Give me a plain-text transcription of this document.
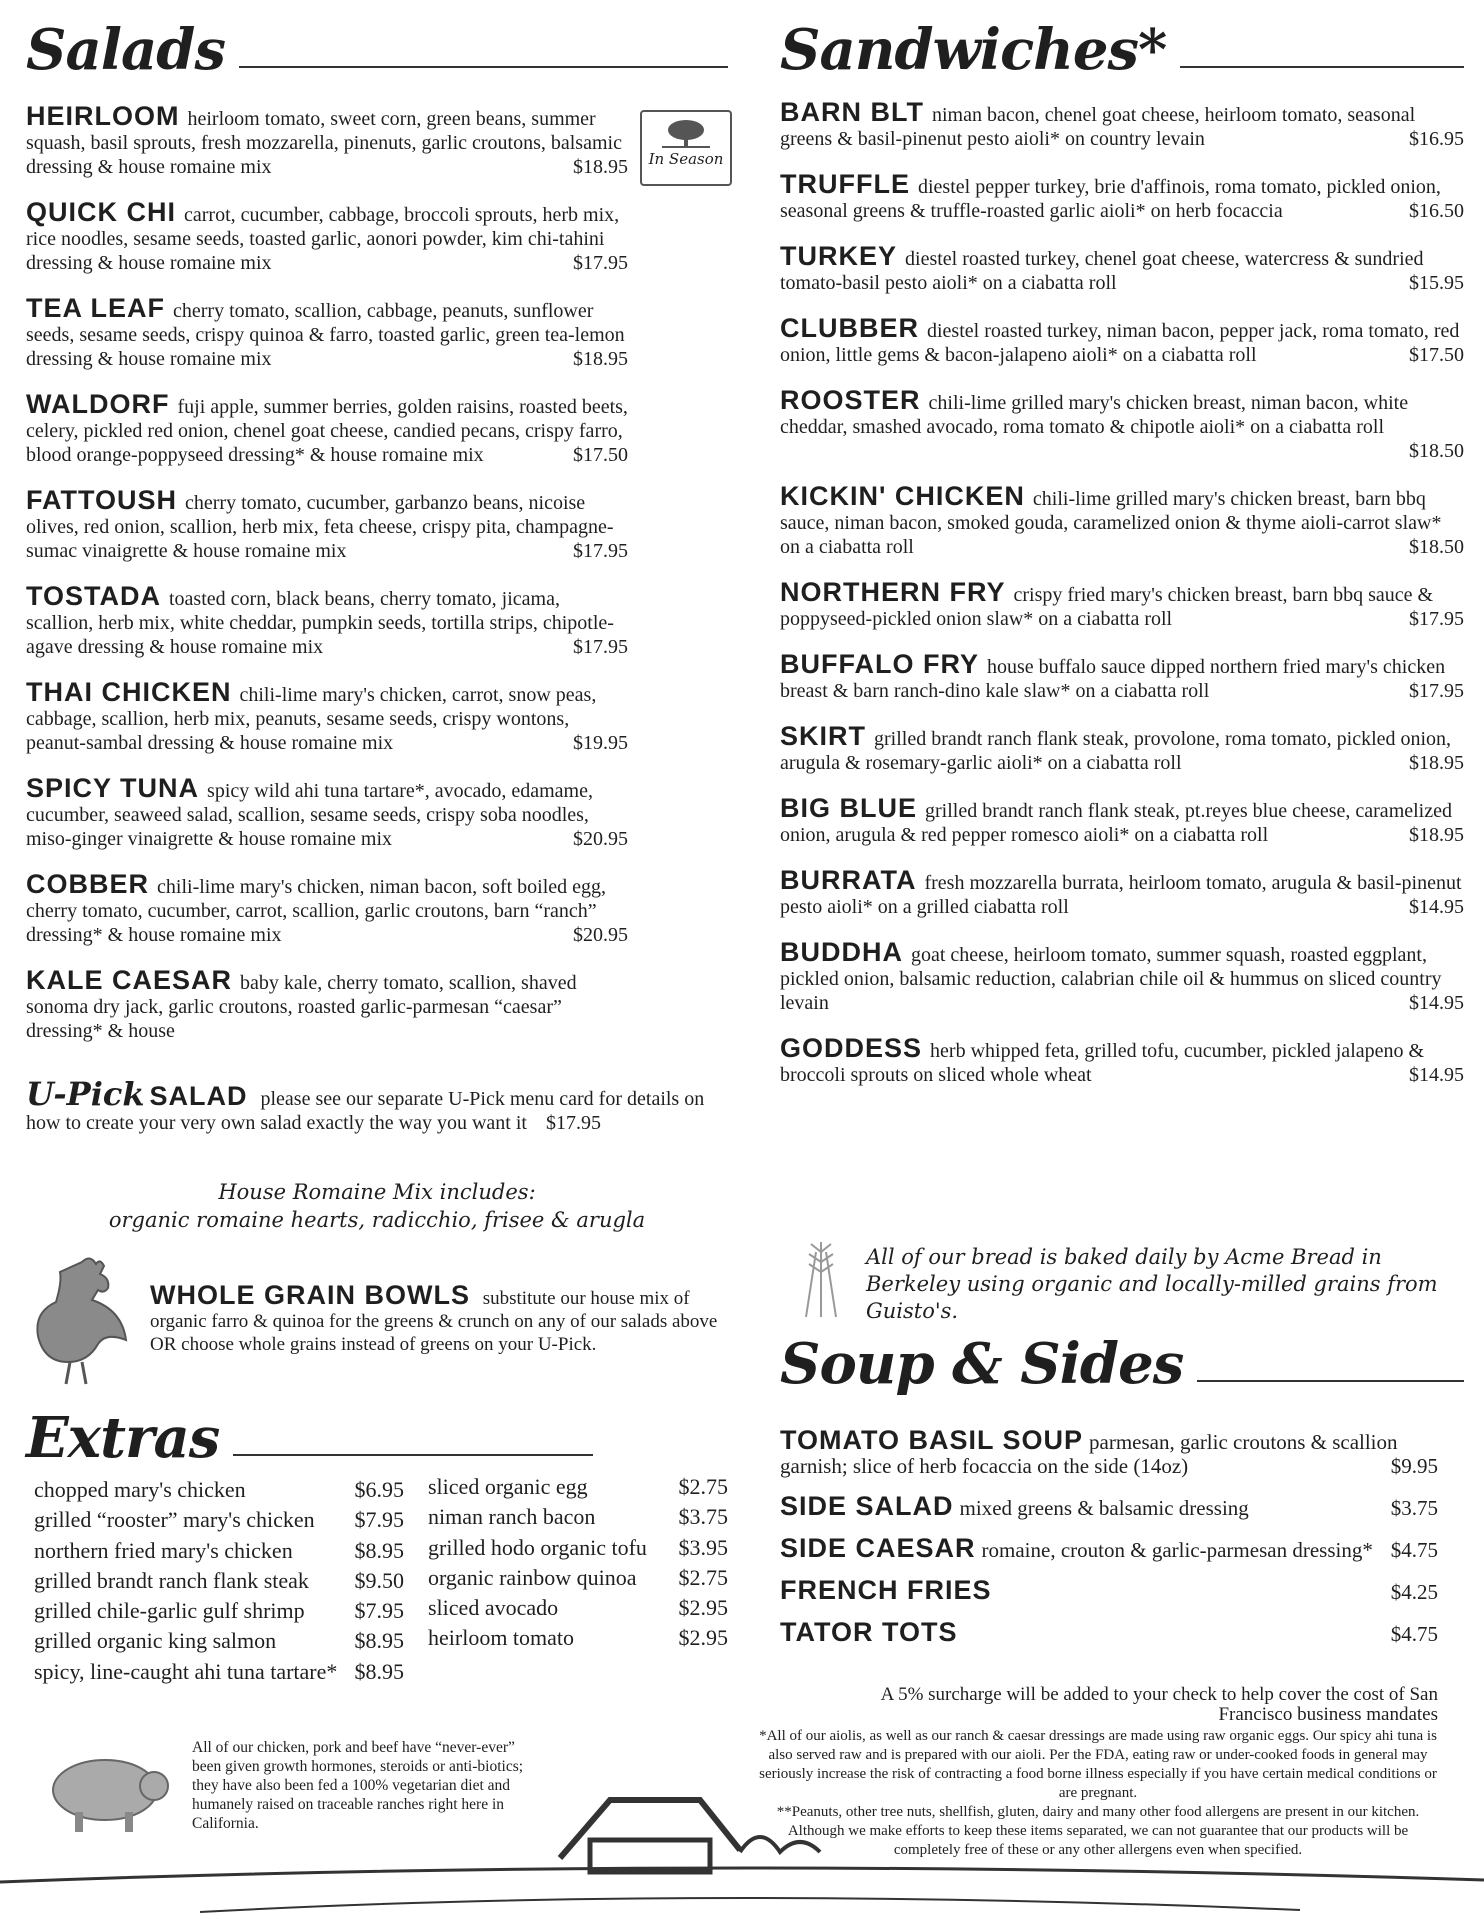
Salads
In Season
HEIRLOOM heirloom tomato, sweet corn, green beans, summer squash, basil sprouts, fresh mozzarella, pinenuts, garlic croutons, balsamic dressing & house romaine mix	$18.95
QUICK CHI carrot, cucumber, cabbage, broccoli sprouts, herb mix, rice noodles, sesame seeds, toasted garlic, aonori powder, kim chi-tahini dressing & house romaine mix	$17.95
TEA LEAF cherry tomato, scallion, cabbage, peanuts, sunflower seeds, sesame seeds, crispy quinoa & farro, toasted garlic, green tea-lemon dressing & house romaine mix	$18.95
WALDORF fuji apple, summer berries, golden raisins, roasted beets, celery, pickled red onion, chenel goat cheese, candied pecans, crispy farro, blood orange-poppyseed dressing* & house romaine mix	$17.50
FATTOUSH cherry tomato, cucumber, garbanzo beans, nicoise olives, red onion, scallion, herb mix, feta cheese, crispy pita, champagne-sumac vinaigrette & house romaine mix	$17.95
TOSTADA toasted corn, black beans, cherry tomato, jicama, scallion, herb mix, white cheddar, pumpkin seeds, tortilla strips, chipotle-agave dressing & house romaine mix	$17.95
THAI CHICKEN chili-lime mary's chicken, carrot, snow peas, cabbage, scallion, herb mix, peanuts, sesame seeds, crispy wontons, peanut-sambal dressing & house romaine mix	$19.95
SPICY TUNA spicy wild ahi tuna tartare*, avocado, edamame, cucumber, seaweed salad, scallion, sesame seeds, crispy soba noodles, miso-ginger vinaigrette & house romaine mix	$20.95
COBBER chili-lime mary's chicken, niman bacon, soft boiled egg, cherry tomato, cucumber, carrot, scallion, garlic croutons, barn “ranch” dressing* & house romaine mix	$20.95
KALE CAESAR baby kale, cherry tomato, scallion, shaved sonoma dry jack, garlic croutons, roasted garlic-parmesan “caesar” dressing* & house
U-Pick SALAD please see our separate U-Pick menu card for details on how to create your very own salad exactly the way you want it $17.95
House Romaine Mix includes:
organic romaine hearts, radicchio, frisee & arugla
WHOLE GRAIN BOWLS substitute our house mix of organic farro & quinoa for the greens & crunch on any of our salads above OR choose whole grains instead of greens on your U-Pick.
Extras
chopped mary's chicken	$6.95
grilled “rooster” mary's chicken $7.95
northern fried mary's chicken	$8.95
grilled brandt ranch flank steak $9.50
grilled chile-garlic gulf shrimp $7.95
grilled organic king salmon	$8.95
spicy, line-caught ahi tuna tartare* $8.95
sliced organic egg	$2.75
niman ranch bacon	$3.75
grilled hodo organic tofu $3.95
organic rainbow quinoa $2.75
sliced avocado	$2.95
heirloom tomato	$2.95
All of our chicken, pork and beef have “never-ever” been given growth hormones, steroids or anti-biotics; they have also been fed a 100% vegetarian diet and humanely raised on traceable ranches right here in California.
Sandwiches*
BARN BLT niman bacon, chenel goat cheese, heirloom tomato, seasonal greens & basil-pinenut pesto aioli* on country levain	$16.95
TRUFFLE diestel pepper turkey, brie d'affinois, roma tomato, pickled onion, seasonal greens & truffle-roasted garlic aioli* on herb focaccia	$16.50
TURKEY diestel roasted turkey, chenel goat cheese, watercress & sundried tomato-basil pesto aioli* on a ciabatta roll	$15.95
CLUBBER diestel roasted turkey, niman bacon, pepper jack, roma tomato, red onion, little gems & bacon-jalapeno aioli* on a ciabatta roll	$17.50
ROOSTER chili-lime grilled mary's chicken breast, niman bacon, white cheddar, smashed avocado, roma tomato & chipotle aioli* on a ciabatta roll
$18.50
KICKIN' CHICKEN chili-lime grilled mary's chicken breast, barn bbq sauce, niman bacon, smoked gouda, caramelized onion & thyme aioli-carrot slaw* on a ciabatta roll	$18.50
NORTHERN FRY crispy fried mary's chicken breast, barn bbq sauce & poppyseed-pickled onion slaw* on a ciabatta roll	$17.95
BUFFALO FRY house buffalo sauce dipped northern fried mary's chicken breast & barn ranch-dino kale slaw* on a ciabatta roll	$17.95
SKIRT grilled brandt ranch flank steak, provolone, roma tomato, pickled onion, arugula & rosemary-garlic aioli* on a ciabatta roll	$18.95
BIG BLUE grilled brandt ranch flank steak, pt.reyes blue cheese, caramelized onion, arugula & red pepper romesco aioli* on a ciabatta roll	$18.95
BURRATA fresh mozzarella burrata, heirloom tomato, arugula & basil-pinenut pesto aioli* on a grilled ciabatta roll	$14.95
BUDDHA goat cheese, heirloom tomato, summer squash, roasted eggplant, pickled onion, balsamic reduction, calabrian chile oil & hummus on sliced country levain	$14.95
GODDESS herb whipped feta, grilled tofu, cucumber, pickled jalapeno & broccoli sprouts on sliced whole wheat	$14.95
All of our bread is baked daily by Acme Bread in Berkeley using organic and locally-milled grains from Guisto's.
Soup & Sides
TOMATO BASIL SOUP parmesan, garlic croutons & scallion garnish; slice of herb focaccia on the side (14oz)	$9.95
SIDE SALAD mixed greens & balsamic dressing	$3.75
SIDE CAESAR romaine, crouton & garlic-parmesan dressing* $4.75
FRENCH FRIES	$4.25
TATOR TOTS	$4.75
A 5% surcharge will be added to your check to help cover the cost of San Francisco business mandates
*All of our aiolis, as well as our ranch & caesar dressings are made using raw organic eggs. Our spicy ahi tuna is also served raw and is prepared with our aioli. Per the FDA, eating raw or under-cooked foods in general may seriously increase the risk of contracting a food borne illness especially if you have certain medical conditions or are pregnant.
**Peanuts, other tree nuts, shellfish, gluten, dairy and many other food allergens are present in our kitchen. Although we make efforts to keep these items separated, we can not guarantee that our products will be completely free of these or any other allergens even when specified.
